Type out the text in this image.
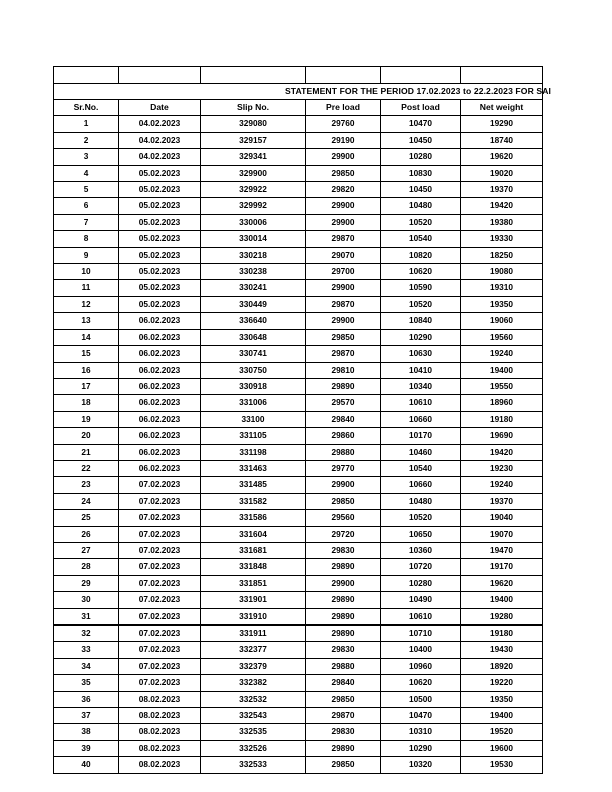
STATEMENT FOR THE PERIOD 17.02.2023 to 22.2.2023 FOR SAI					

Sr.No.	Date	Slip No.	Pre load	Post load	Net weight
1	04.02.2023	329080	29760	10470	19290
2	04.02.2023	329157	29190	10450	18740
3	04.02.2023	329341	29900	10280	19620
4	05.02.2023	329900	29850	10830	19020
5	05.02.2023	329922	29820	10450	19370
6	05.02.2023	329992	29900	10480	19420
7	05.02.2023	330006	29900	10520	19380
8	05.02.2023	330014	29870	10540	19330
9	05.02.2023	330218	29070	10820	18250
10	05.02.2023	330238	29700	10620	19080
11	05.02.2023	330241	29900	10590	19310
12	05.02.2023	330449	29870	10520	19350
13	06.02.2023	336640	29900	10840	19060
14	06.02.2023	330648	29850	10290	19560
15	06.02.2023	330741	29870	10630	19240
16	06.02.2023	330750	29810	10410	19400
17	06.02.2023	330918	29890	10340	19550
18	06.02.2023	331006	29570	10610	18960
19	06.02.2023	33100	29840	10660	19180
20	06.02.2023	331105	29860	10170	19690
21	06.02.2023	331198	29880	10460	19420
22	06.02.2023	331463	29770	10540	19230
23	07.02.2023	331485	29900	10660	19240
24	07.02.2023	331582	29850	10480	19370
25	07.02.2023	331586	29560	10520	19040
26	07.02.2023	331604	29720	10650	19070
27	07.02.2023	331681	29830	10360	19470
28	07.02.2023	331848	29890	10720	19170
29	07.02.2023	331851	29900	10280	19620
30	07.02.2023	331901	29890	10490	19400
31	07.02.2023	331910	29890	10610	19280
32	07.02.2023	331911	29890	10710	19180
33	07.02.2023	332377	29830	10400	19430
34	07.02.2023	332379	29880	10960	18920
35	07.02.2023	332382	29840	10620	19220
36	08.02.2023	332532	29850	10500	19350
37	08.02.2023	332543	29870	10470	19400
38	08.02.2023	332535	29830	10310	19520
39	08.02.2023	332526	29890	10290	19600
40	08.02.2023	332533	29850	10320	19530
